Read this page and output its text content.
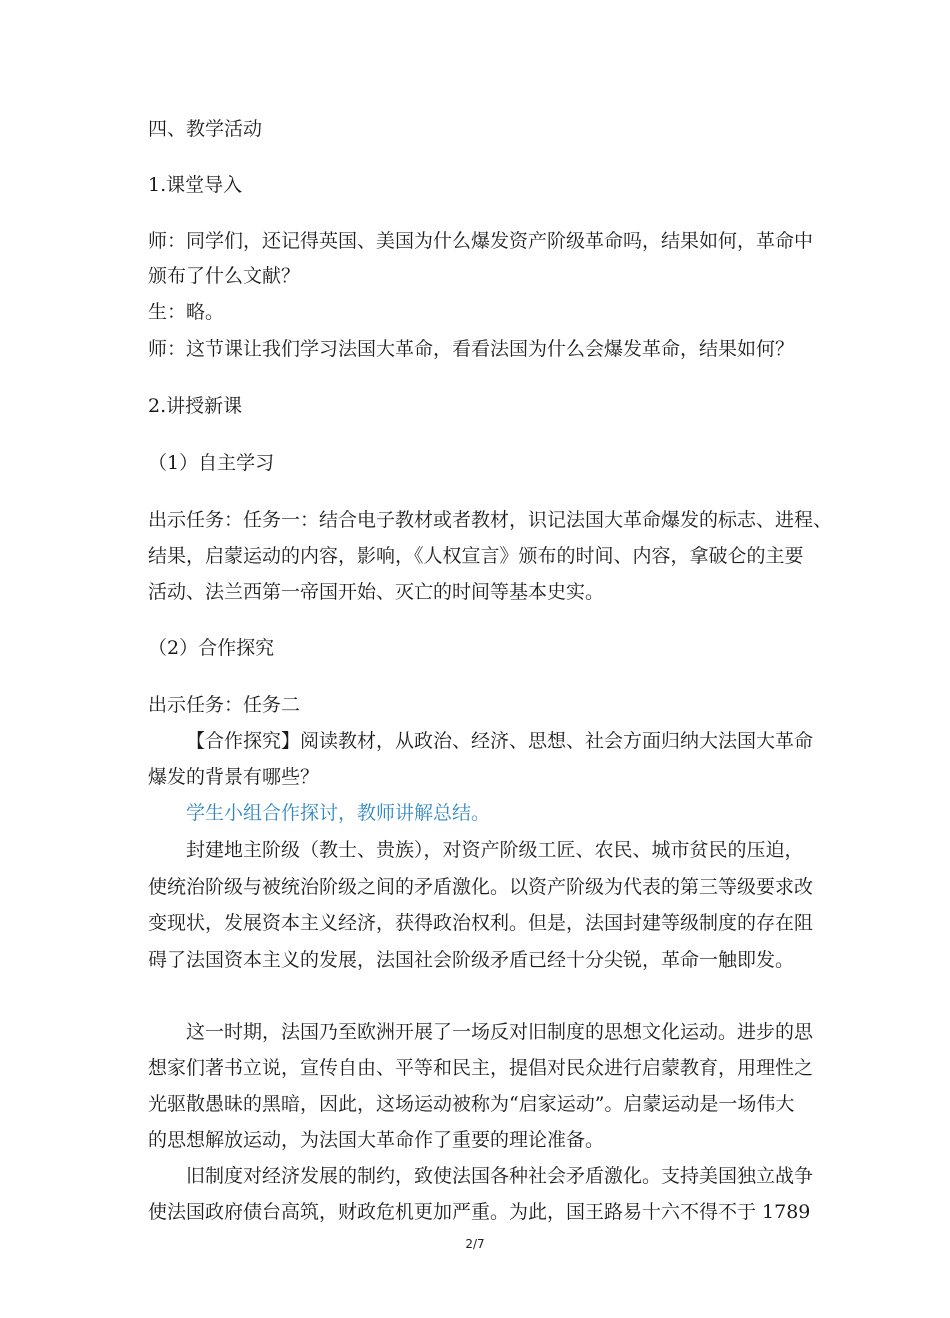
四、教学活动
1.课堂导入
师：同学们，还记得英国、美国为什么爆发资产阶级革命吗，结果如何，革命中
颁布了什么文献？
生：略。
师：这节课让我们学习法国大革命，看看法国为什么会爆发革命，结果如何？
2.讲授新课
（1）自主学习
出示任务：任务一：结合电子教材或者教材，识记法国大革命爆发的标志、进程、
结果，启蒙运动的内容，影响，《人权宣言》颁布的时间、内容，拿破仑的主要
活动、法兰西第一帝国开始、灭亡的时间等基本史实。
（2）合作探究
出示任务：任务二
【合作探究】阅读教材，从政治、经济、思想、社会方面归纳大法国大革命
爆发的背景有哪些？
学生小组合作探讨，教师讲解总结。
封建地主阶级（教士、贵族），对资产阶级工匠、农民、城市贫民的压迫，
使统治阶级与被统治阶级之间的矛盾激化。以资产阶级为代表的第三等级要求改
变现状，发展资本主义经济，获得政治权利。但是，法国封建等级制度的存在阻
碍了法国资本主义的发展，法国社会阶级矛盾已经十分尖锐，革命一触即发。
这一时期，法国乃至欧洲开展了一场反对旧制度的思想文化运动。进步的思
想家们著书立说，宣传自由、平等和民主，提倡对民众进行启蒙教育，用理性之
光驱散愚昧的黑暗，因此，这场运动被称为“启家运动”。启蒙运动是一场伟大
的思想解放运动，为法国大革命作了重要的理论准备。
旧制度对经济发展的制约，致使法国各种社会矛盾激化。支持美国独立战争
使法国政府债台高筑，财政危机更加严重。为此，国王路易十六不得不于 1789
2/7
